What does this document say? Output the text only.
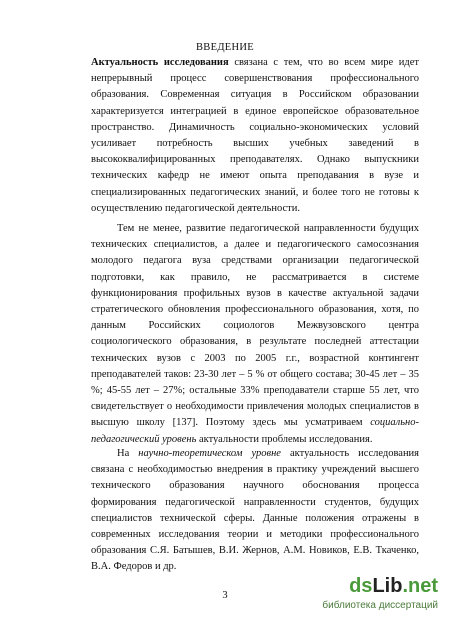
ВВЕДЕНИЕ

Актуальность исследования связана с тем, что во всем мире идет непрерывный процесс совершенствования профессионального образования. Современная ситуация в Российском образовании характеризуется интеграцией в единое европейское образовательное пространство. Динамичность социально-экономических условий усиливает потребность высших учебных заведений в высококвалифицированных преподавателях. Однако выпускники технических кафедр не имеют опыта преподавания в вузе и специализированных педагогических знаний, и более того не готовы к осуществлению педагогической деятельности.

Тем не менее, развитие педагогической направленности будущих технических специалистов, а далее и педагогического самосознания молодого педагога вуза средствами организации педагогической подготовки, как правило, не рассматривается в системе функционирования профильных вузов в качестве актуальной задачи стратегического обновления профессионального образования, хотя, по данным Российских социологов Межвузовского центра социологического образования, в результате последней аттестации технических вузов с 2003 по 2005 г.г., возрастной контингент преподавателей таков: 23-30 лет – 5 % от общего состава; 30-45 лет – 35 %; 45-55 лет – 27%; остальные 33% преподаватели старше 55 лет, что свидетельствует о необходимости привлечения молодых специалистов в высшую школу [137]. Поэтому здесь мы усматриваем социально-педагогический уровень актуальности проблемы исследования.

На научно-теоретическом уровне актуальность исследования связана с необходимостью внедрения в практику учреждений высшего технического образования научного обоснования процесса формирования педагогической направленности студентов, будущих специалистов технической сферы. Данные положения отражены в современных исследования теории и методики профессионального образования С.Я. Батышев, В.И. Жернов, А.М. Новиков, Е.В. Ткаченко, В.А. Федоров и др.

3	dsLib.net
библиотека диссертаций
